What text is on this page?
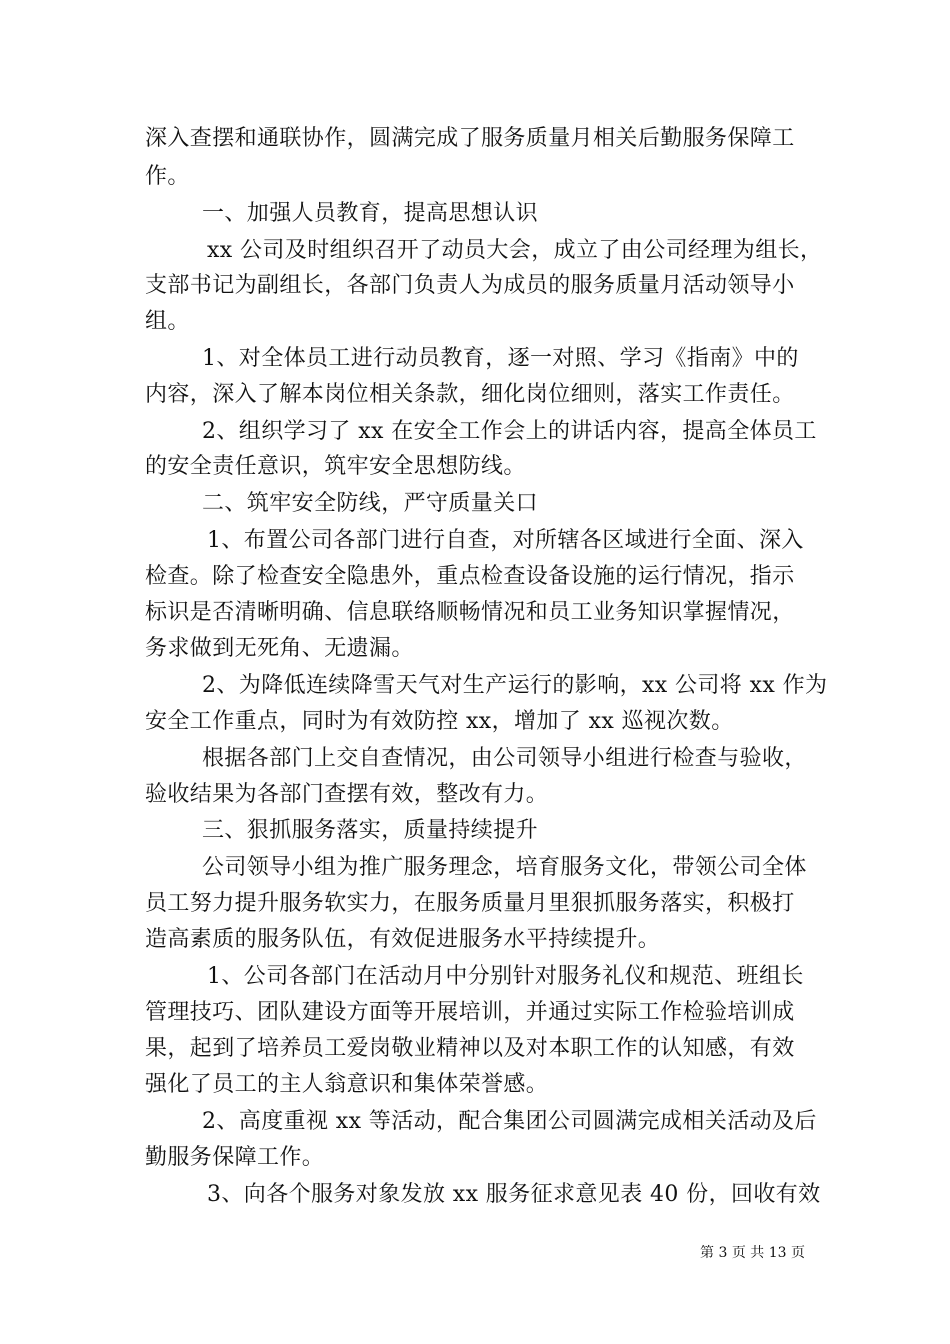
深入查摆和通联协作，圆满完成了服务质量月相关后勤服务保障工
作。
一、加强人员教育，提高思想认识
xx 公司及时组织召开了动员大会，成立了由公司经理为组长，
支部书记为副组长，各部门负责人为成员的服务质量月活动领导小
组。
1、对全体员工进行动员教育，逐一对照、学习《指南》中的
内容，深入了解本岗位相关条款，细化岗位细则，落实工作责任。
2、组织学习了 xx 在安全工作会上的讲话内容，提高全体员工
的安全责任意识，筑牢安全思想防线。
二、筑牢安全防线，严守质量关口
1、布置公司各部门进行自查，对所辖各区域进行全面、深入
检查。除了检查安全隐患外，重点检查设备设施的运行情况，指示
标识是否清晰明确、信息联络顺畅情况和员工业务知识掌握情况，
务求做到无死角、无遗漏。
2、为降低连续降雪天气对生产运行的影响，xx 公司将 xx 作为
安全工作重点，同时为有效防控 xx，增加了 xx 巡视次数。
根据各部门上交自查情况，由公司领导小组进行检查与验收，
验收结果为各部门查摆有效，整改有力。
三、狠抓服务落实，质量持续提升
公司领导小组为推广服务理念，培育服务文化，带领公司全体
员工努力提升服务软实力，在服务质量月里狠抓服务落实，积极打
造高素质的服务队伍，有效促进服务水平持续提升。
1、公司各部门在活动月中分别针对服务礼仪和规范、班组长
管理技巧、团队建设方面等开展培训，并通过实际工作检验培训成
果，起到了培养员工爱岗敬业精神以及对本职工作的认知感，有效
强化了员工的主人翁意识和集体荣誉感。
2、高度重视 xx 等活动，配合集团公司圆满完成相关活动及后
勤服务保障工作。
3、向各个服务对象发放 xx 服务征求意见表 40 份，回收有效
第 3 页 共 13 页
